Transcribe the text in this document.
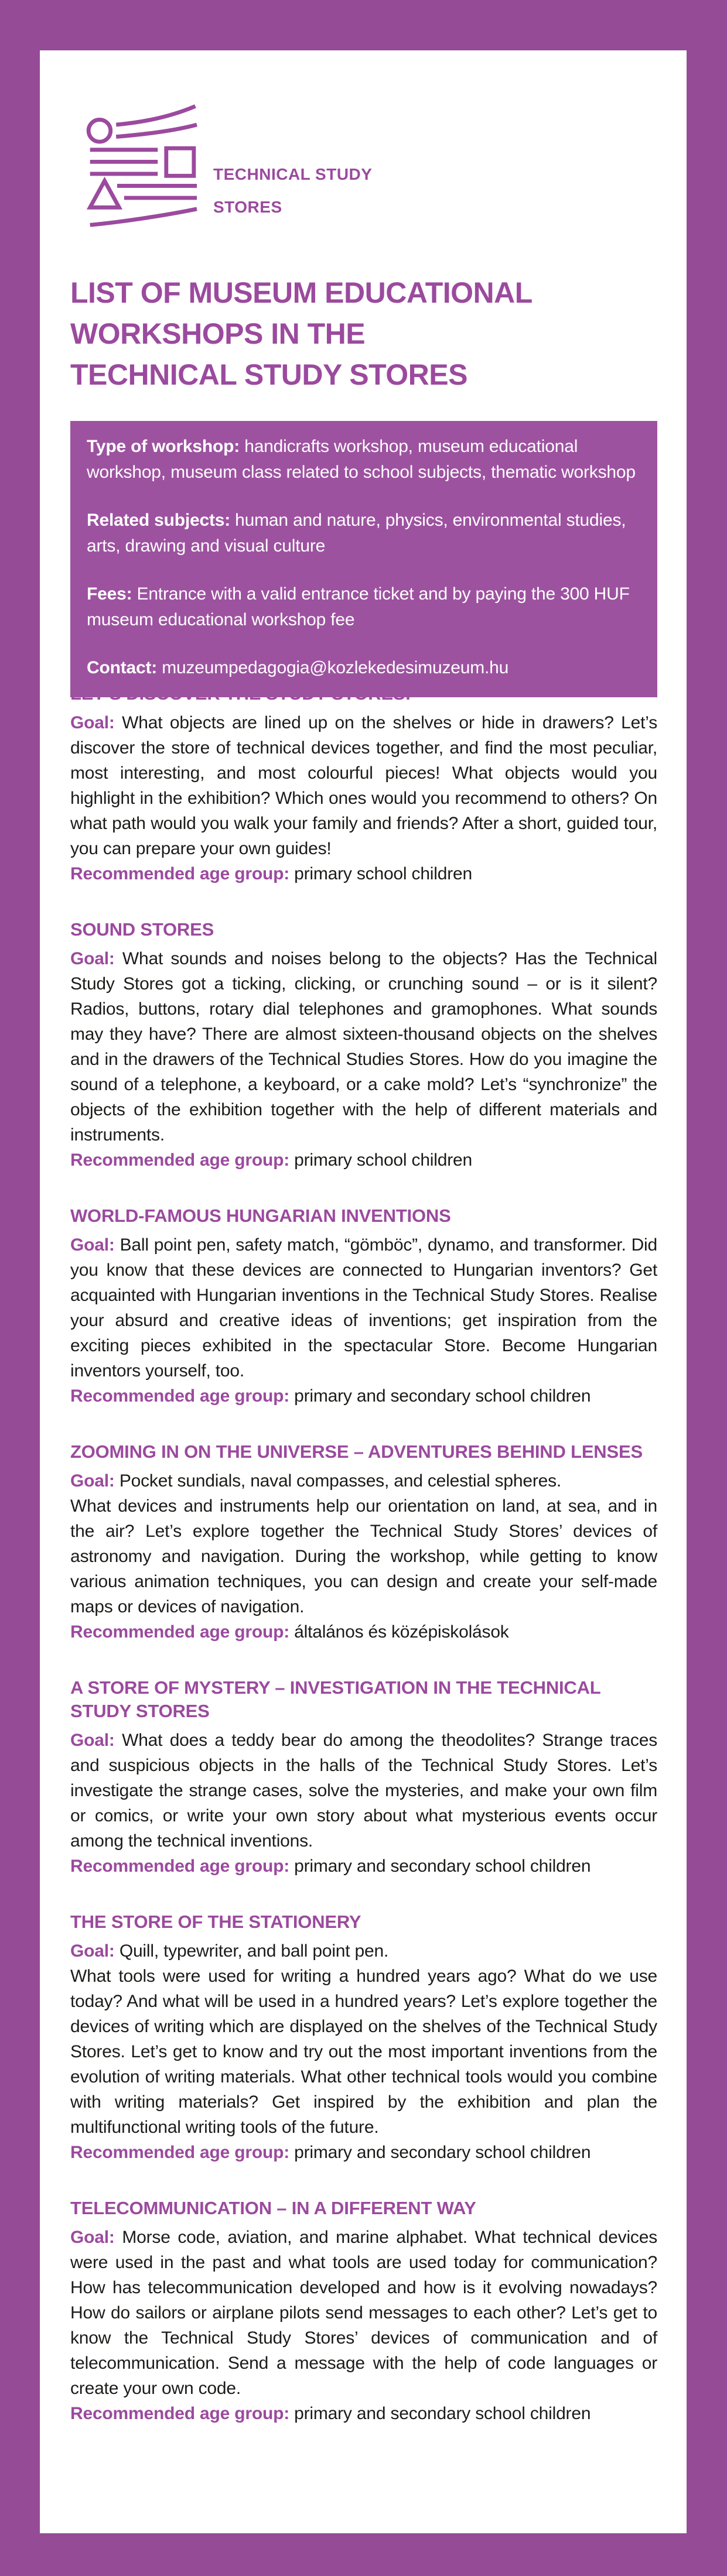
TECHNICAL STUDY
STORES
LIST OF MUSEUM EDUCATIONAL
WORKSHOPS IN THE
TECHNICAL STUDY STORES

Type of workshop: handicrafts workshop, museum educational workshop, museum class related to school subjects, thematic workshop

Related subjects: human and nature, physics, environmental studies, arts, drawing and visual culture

Fees: Entrance with a valid entrance ticket and by paying the 300 HUF museum educational workshop fee

Contact: muzeumpedagogia@kozlekedesimuzeum.hu

Goal: What objects are lined up on the shelves or hide in drawers? Let’s discover the store of technical devices together, and find the most peculiar, most interesting, and most colourful pieces! What objects would you highlight in the exhibition? Which ones would you recommend to others? On what path would you walk your family and friends? After a short, guided tour, you can prepare your own guides!

Recommended age group: primary school children

SOUND STORES

Goal: What sounds and noises belong to the objects? Has the Technical Study Stores got a ticking, clicking, or crunching sound – or is it silent? Radios, buttons, rotary dial telephones and gramophones. What sounds may they have? There are almost sixteen-thousand objects on the shelves and in the drawers of the Technical Studies Stores. How do you imagine the sound of a telephone, a keyboard, or a cake mold? Let’s “synchronize” the objects of the exhibition together with the help of different materials and instruments.

Recommended age group: primary school children

WORLD-FAMOUS HUNGARIAN INVENTIONS

Goal: Ball point pen, safety match, “gömböc”, dynamo, and transformer. Did you know that these devices are connected to Hungarian inventors? Get acquainted with Hungarian inventions in the Technical Study Stores. Realise your absurd and creative ideas of inventions; get inspiration from the exciting pieces exhibited in the spectacular Store. Become Hungarian inventors yourself, too.

Recommended age group: primary and secondary school children

ZOOMING IN ON THE UNIVERSE – ADVENTURES BEHIND LENSES

Goal: Pocket sundials, naval compasses, and celestial spheres.

What devices and instruments help our orientation on land, at sea, and in the air? Let’s explore together the Technical Study Stores’ devices of astronomy and navigation. During the workshop, while getting to know various animation techniques, you can design and create your self-made maps or devices of navigation.

Recommended age group: általános és középiskolások

A STORE OF MYSTERY – INVESTIGATION IN THE TECHNICAL STUDY STORES

Goal: What does a teddy bear do among the theodolites? Strange traces and suspicious objects in the halls of the Technical Study Stores. Let’s investigate the strange cases, solve the mysteries, and make your own film or comics, or write your own story about what mysterious events occur among the technical inventions.

Recommended age group: primary and secondary school children

THE STORE OF THE STATIONERY

Goal: Quill, typewriter, and ball point pen.

What tools were used for writing a hundred years ago? What do we use today? And what will be used in a hundred years? Let’s explore together the devices of writing which are displayed on the shelves of the Technical Study Stores. Let’s get to know and try out the most important inventions from the evolution of writing materials. What other technical tools would you combine with writing materials? Get inspired by the exhibition and plan the multifunctional writing tools of the future.

Recommended age group: primary and secondary school children

TELECOMMUNICATION – IN A DIFFERENT WAY

Goal: Morse code, aviation, and marine alphabet. What technical devices were used in the past and what tools are used today for communication? How has telecommunication developed and how is it evolving nowadays? How do sailors or airplane pilots send messages to each other? Let’s get to know the Technical Study Stores’ devices of communication and of telecommunication. Send a message with the help of code languages or create your own code.

Recommended age group: primary and secondary school children
